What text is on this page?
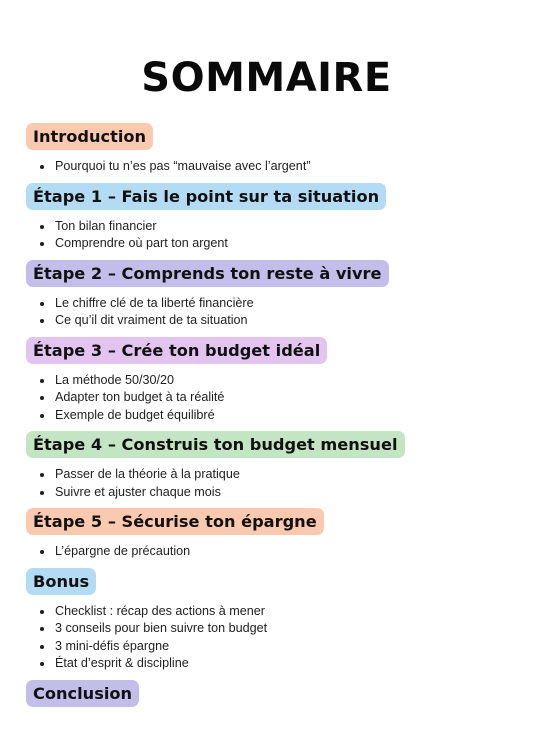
SOMMAIRE
Introduction
Pourquoi tu n’es pas “mauvaise avec l’argent”
Étape 1 – Fais le point sur ta situation
Ton bilan financier
Comprendre où part ton argent
Étape 2 – Comprends ton reste à vivre
Le chiffre clé de ta liberté financière
Ce qu’il dit vraiment de ta situation
Étape 3 – Crée ton budget idéal
La méthode 50/30/20
Adapter ton budget à ta réalité
Exemple de budget équilibré
Étape 4 – Construis ton budget mensuel
Passer de la théorie à la pratique
Suivre et ajuster chaque mois
Étape 5 – Sécurise ton épargne
L’épargne de précaution
Bonus
Checklist : récap des actions à mener
3 conseils pour bien suivre ton budget
3 mini-défis épargne
État d’esprit & discipline
Conclusion
